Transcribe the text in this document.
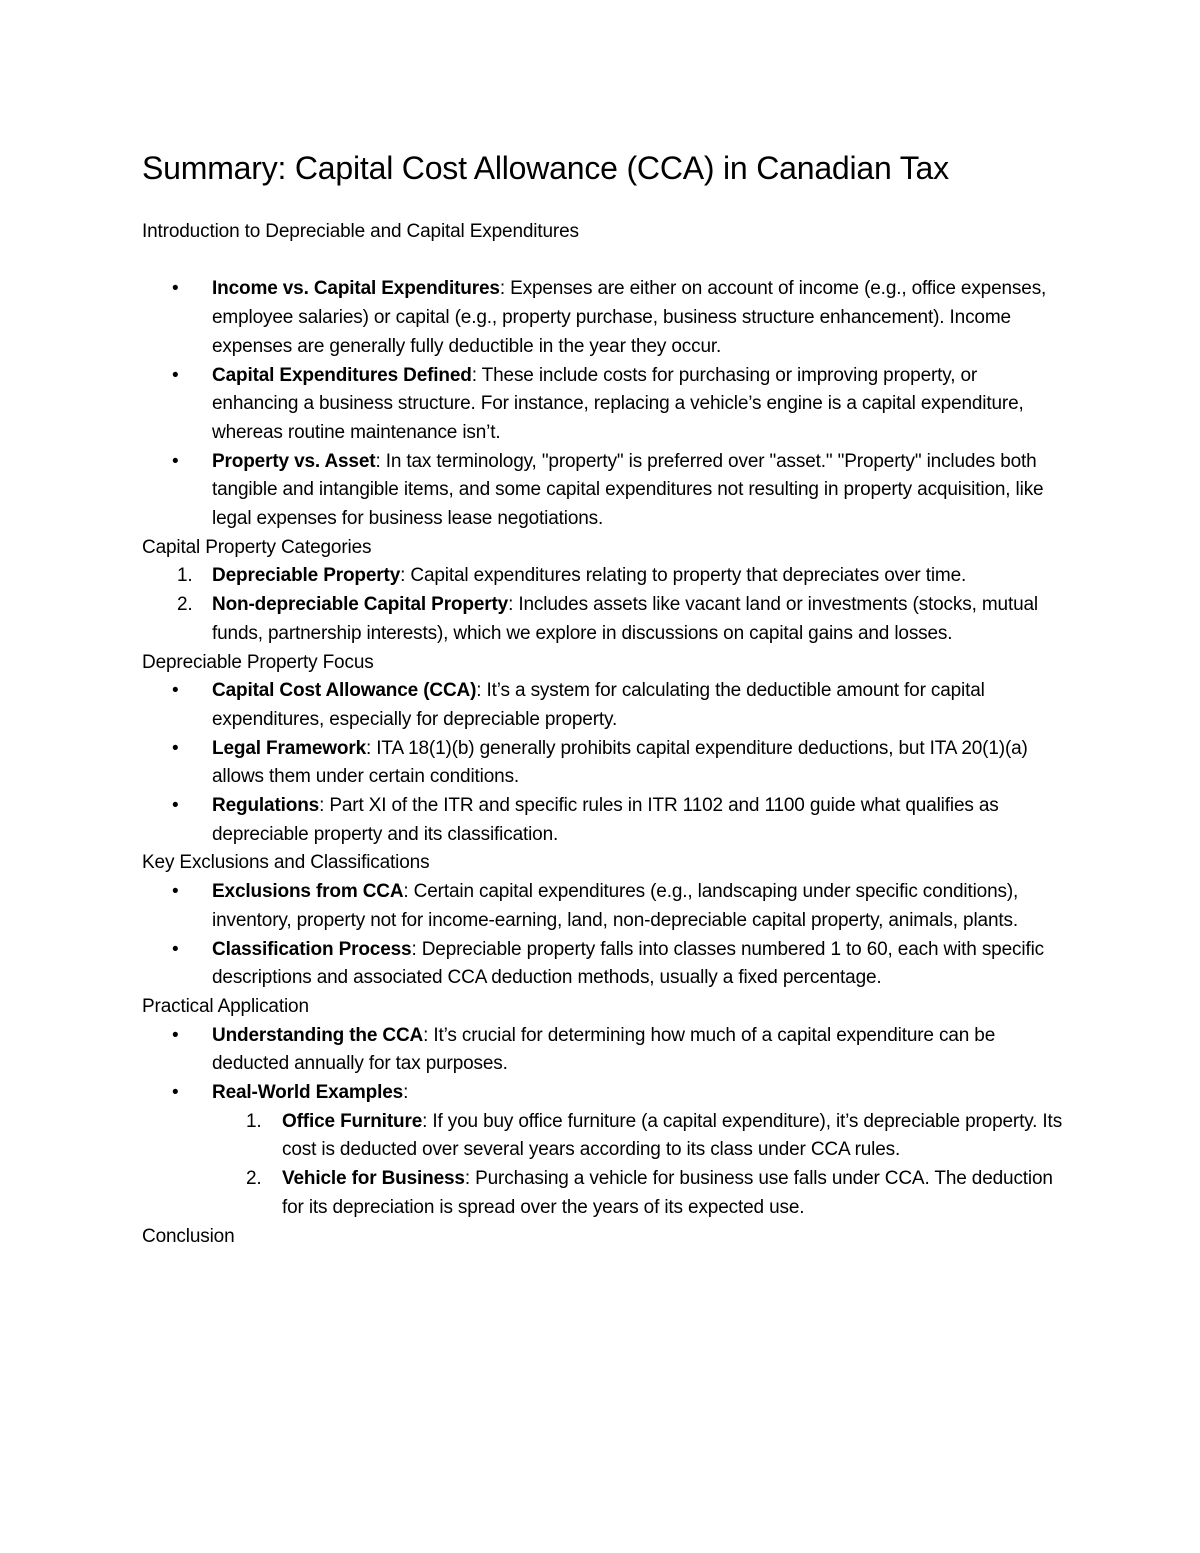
Summary: Capital Cost Allowance (CCA) in Canadian Tax

Introduction to Depreciable and Capital Expenditures

•	Income vs. Capital Expenditures: Expenses are either on account of income (e.g., office expenses, employee salaries) or capital (e.g., property purchase, business structure enhancement). Income expenses are generally fully deductible in the year they occur.
•	Capital Expenditures Defined: These include costs for purchasing or improving property, or enhancing a business structure. For instance, replacing a vehicle’s engine is a capital expenditure, whereas routine maintenance isn’t.
•	Property vs. Asset: In tax terminology, "property" is preferred over "asset." "Property" includes both tangible and intangible items, and some capital expenditures not resulting in property acquisition, like legal expenses for business lease negotiations.

Capital Property Categories

1.	Depreciable Property: Capital expenditures relating to property that depreciates over time.
2.	Non-depreciable Capital Property: Includes assets like vacant land or investments (stocks, mutual funds, partnership interests), which we explore in discussions on capital gains and losses.

Depreciable Property Focus

•	Capital Cost Allowance (CCA): It’s a system for calculating the deductible amount for capital expenditures, especially for depreciable property.
•	Legal Framework: ITA 18(1)(b) generally prohibits capital expenditure deductions, but ITA 20(1)(a) allows them under certain conditions.
•	Regulations: Part XI of the ITR and specific rules in ITR 1102 and 1100 guide what qualifies as depreciable property and its classification.

Key Exclusions and Classifications

•	Exclusions from CCA: Certain capital expenditures (e.g., landscaping under specific conditions), inventory, property not for income-earning, land, non-depreciable capital property, animals, plants.
•	Classification Process: Depreciable property falls into classes numbered 1 to 60, each with specific descriptions and associated CCA deduction methods, usually a fixed percentage.

Practical Application

•	Understanding the CCA: It’s crucial for determining how much of a capital expenditure can be deducted annually for tax purposes.
•	Real-World Examples:
1.	Office Furniture: If you buy office furniture (a capital expenditure), it’s depreciable property. Its cost is deducted over several years according to its class under CCA rules.
2.	Vehicle for Business: Purchasing a vehicle for business use falls under CCA. The deduction for its depreciation is spread over the years of its expected use.

Conclusion
